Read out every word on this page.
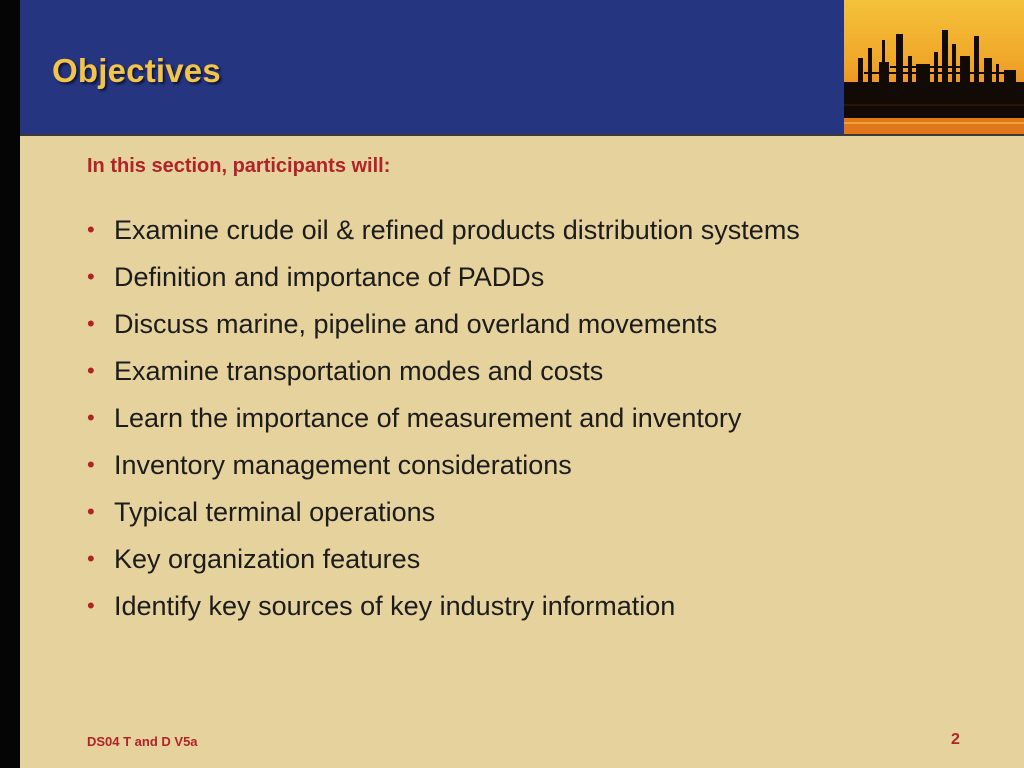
Objectives
In this section, participants will:
• Examine crude oil & refined products distribution systems
• Definition and importance of PADDs
• Discuss marine, pipeline and overland movements
• Examine transportation modes and costs
• Learn the importance of measurement and inventory
• Inventory management considerations
• Typical terminal operations
• Key organization features
• Identify key sources of key industry information
DS04 T and D V5a	2
